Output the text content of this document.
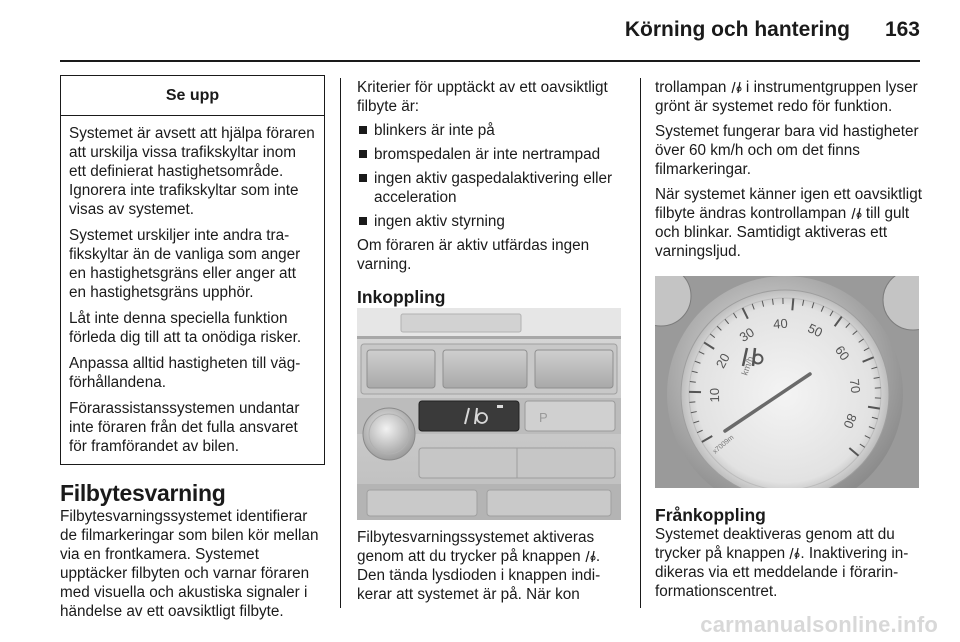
Körning och hantering 163
Se upp

Systemet är avsett att hjälpa föraren att urskilja vissa trafikskyltar inom ett definierat hastighetsområde. Ignorera inte trafikskyltar som inte visas av systemet.

Systemet urskiljer inte andra trafikskyltar än de vanliga som anger en hastighetsgräns eller anger att en hastighetsgräns upphör.

Låt inte denna speciella funktion förleda dig till att ta onödiga risker.

Anpassa alltid hastigheten till vägförhållandena.

Förarassistanssystemen undantar inte föraren från det fulla ansvaret för framförandet av bilen.

Filbytesvarning

Filbytesvarningssystemet identifierar de filmarkeringar som bilen kör mellan via en frontkamera. Systemet upptäcker filbyten och varnar föraren med visuella och akustiska signaler i händelse av ett oavsiktligt filbyte.

Kriterier för upptäckt av ett oavsiktligt filbyte är:

blinkers är inte på
bromspedalen är inte nertrampad
ingen aktiv gaspedalaktivering eller acceleration
ingen aktiv styrning

Om föraren är aktiv utfärdas ingen varning.

Inkoppling
P
Filbytesvarningssystemet aktiveras genom att du trycker på knappen . Den tända lysdioden i knappen indikerar att systemet är på. När kon

trollampan  i instrumentgruppen lyser grönt är systemet redo för funktion.

Systemet fungerar bara vid hastigheter över 60 km/h och om det finns filmarkeringar.

När systemet känner igen ett oavsiktligt filbyte ändras kontrollampan  till gult och blinkar. Samtidigt aktiveras ett varningsljud.

10
20
30
40 50
60
70
80
km/h
x7009m
Frånkoppling

Systemet deaktiveras genom att du trycker på knappen . Inaktivering indikeras via ett meddelande i förarinformationscentret.

carmanualsonline.info
